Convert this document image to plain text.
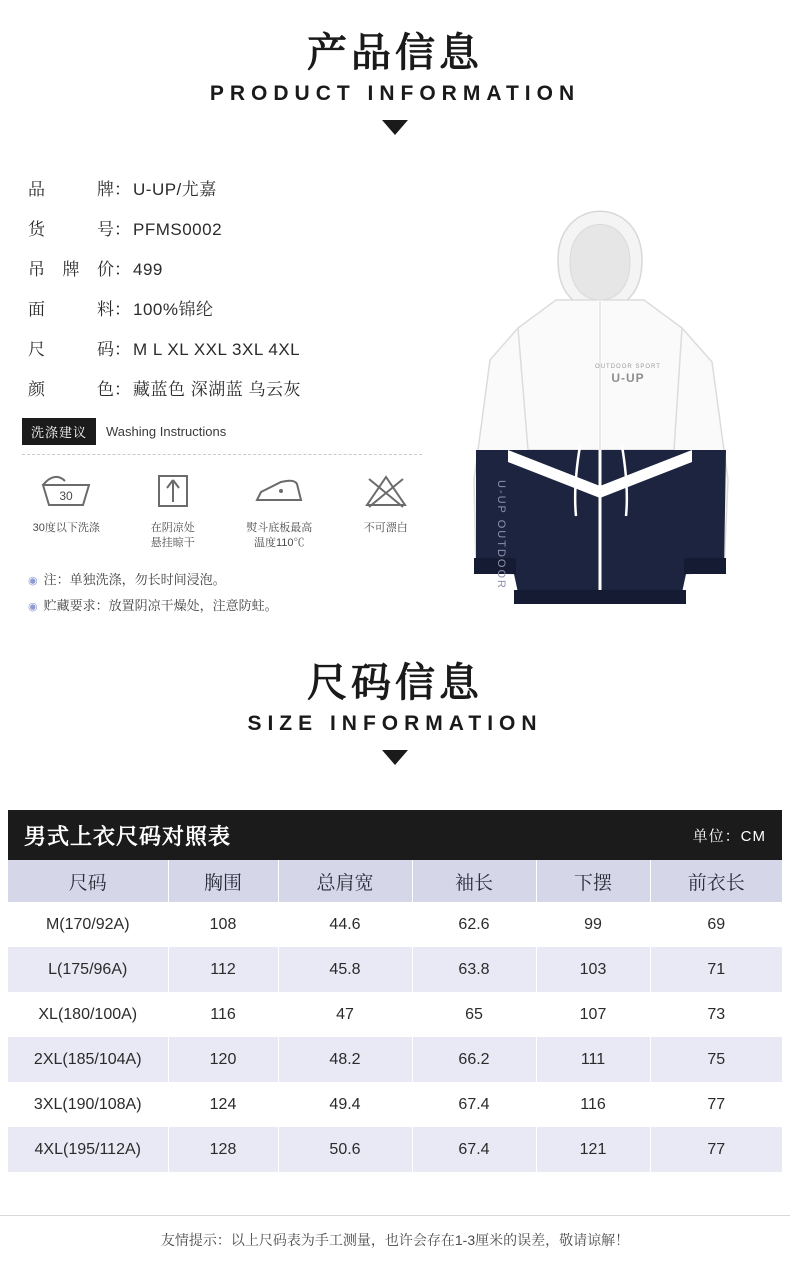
产品信息
PRODUCT INFORMATION
品	牌 ： U-UP/尤嘉
货	号 ： PFMS0002
吊 牌 价 ： 499
面	料 ： 100%锦纶
尺	码 ： M L XL XXL 3XL 4XL
颜	色 ： 藏蓝色 深湖蓝 乌云灰
洗涤建议	Washing Instructions
30
30度以下洗涤	在阴凉处
悬挂晾干
熨斗底板最高
温度110℃
不可漂白
◉ 注：单独洗涤，勿长时间浸泡。
◉ 贮藏要求：放置阴凉干燥处，注意防蛀。
OUTDOOR SPORT
U-UP
U-UP OUTDOOR
尺码信息
SIZE INFORMATION
男式上衣尺码对照表	单位：CM
尺码	胸围	总肩宽	袖长	下摆	前衣长
M(170/92A)	108	44.6	62.6	99	69
L(175/96A)	112	45.8	63.8	103	71
XL(180/100A)	116	47	65	107	73
2XL(185/104A)	120	48.2	66.2	111	75
3XL(190/108A)	124	49.4	67.4	116	77
4XL(195/112A)	128	50.6	67.4	121	77
友情提示：以上尺码表为手工测量，也许会存在1-3厘米的误差，敬请谅解！
